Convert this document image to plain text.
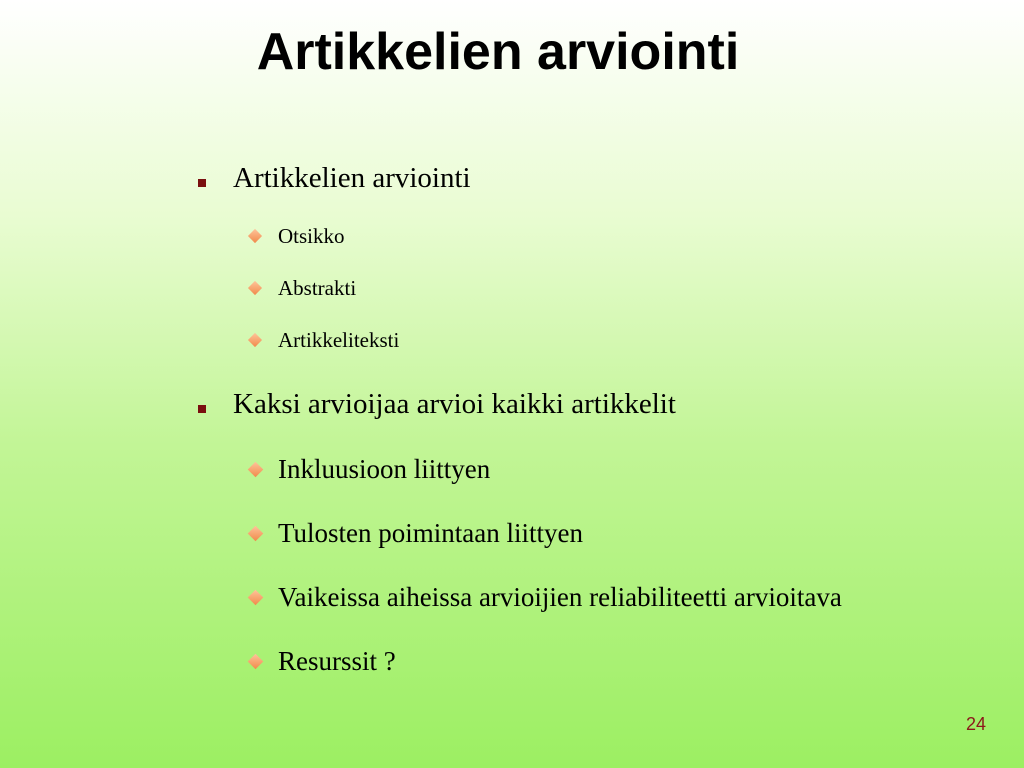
Artikkelien arviointi
Artikkelien arviointi
Otsikko
Abstrakti
Artikkeliteksti
Kaksi arvioijaa arvioi kaikki artikkelit
Inkluusioon liittyen
Tulosten poimintaan liittyen
Vaikeissa aiheissa arvioijien reliabiliteetti arvioitava
Resurssit ?
24
